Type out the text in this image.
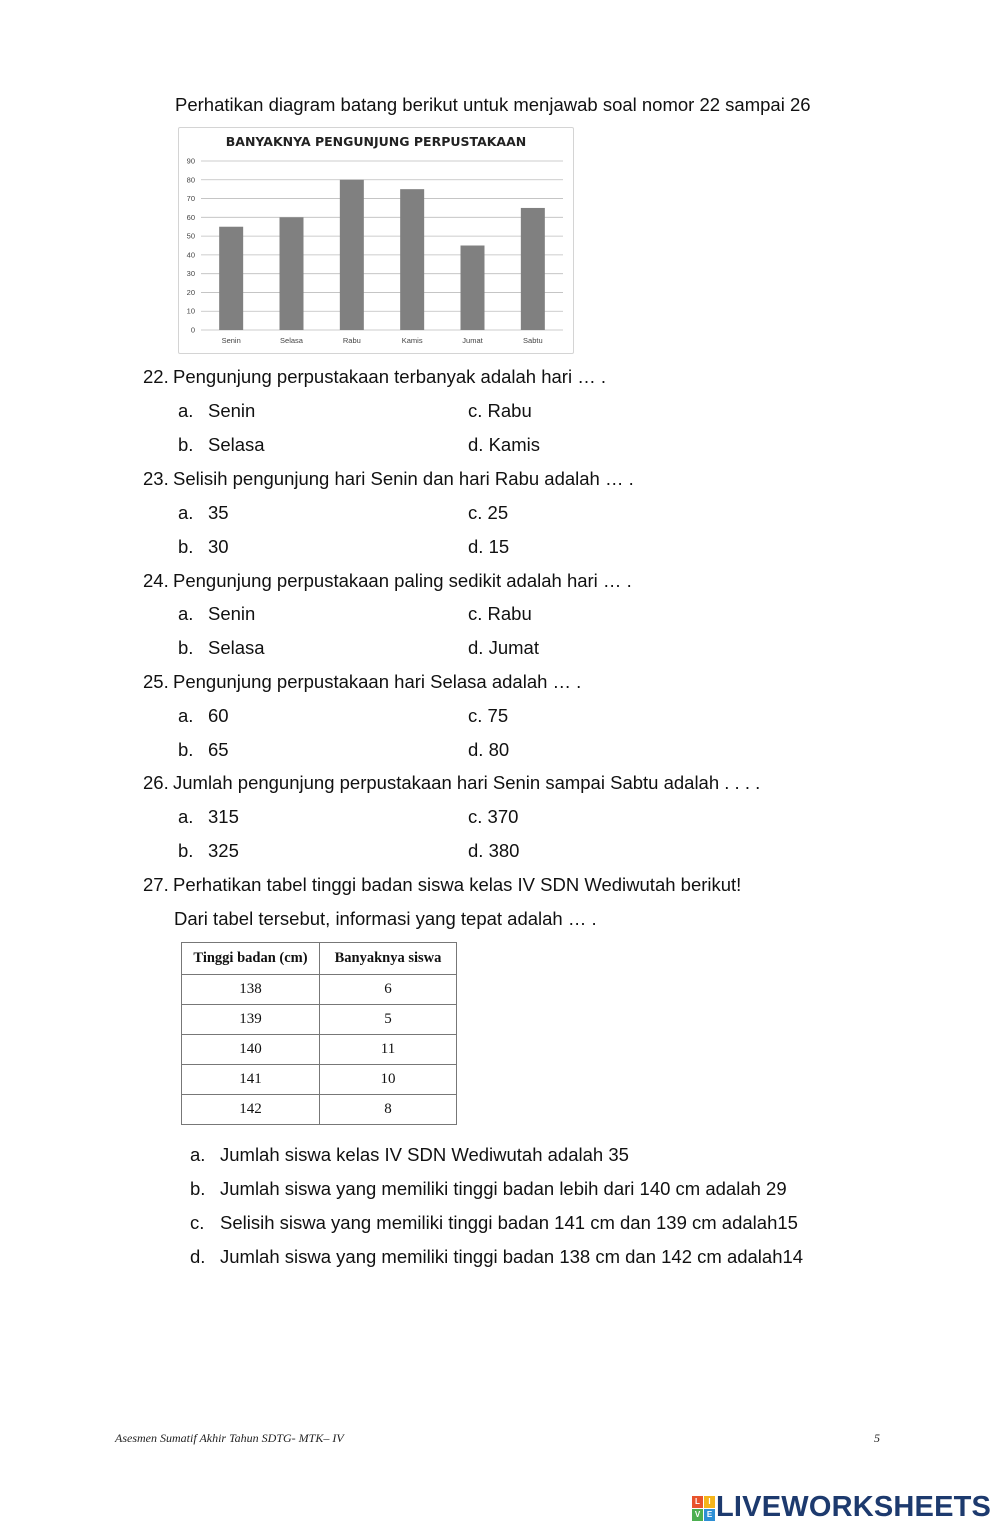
Perhatikan diagram batang berikut untuk menjawab soal nomor 22 sampai 26
BANYAKNYA PENGUNJUNG PERPUSTAKAAN
0
10
20
30
40
50
60
70
80
90
Senin	Selasa	Rabu	Kamis	Jumat	Sabtu
22. Pengunjung perpustakaan terbanyak adalah hari … .
a. Senin	c. Rabu
b. Selasa	d. Kamis
23. Selisih pengunjung hari Senin dan hari Rabu adalah … .
a. 35	c. 25
b. 30	d. 15
24. Pengunjung perpustakaan paling sedikit adalah hari … .
a. Senin	c. Rabu
b. Selasa	d. Jumat
25. Pengunjung perpustakaan hari Selasa adalah … .
a. 60	c. 75
b. 65	d. 80
26. Jumlah pengunjung perpustakaan hari Senin sampai Sabtu adalah . . . .
a. 315	c. 370
b. 325	d. 380
27. Perhatikan tabel tinggi badan siswa kelas IV SDN Wediwutah berikut!
Dari tabel tersebut, informasi yang tepat adalah … .
Tinggi badan (cm)	Banyaknya siswa
138	6
139	5
140	11
141	10
142	8
a. Jumlah siswa kelas IV SDN Wediwutah adalah 35
b. Jumlah siswa yang memiliki tinggi badan lebih dari 140 cm adalah 29
c. Selisih siswa yang memiliki tinggi badan 141 cm dan 139 cm adalah15
d. Jumlah siswa yang memiliki tinggi badan 138 cm dan 142 cm adalah14
Asesmen Sumatif Akhir Tahun SDTG- MTK– IV	5
L	I
V E LIVEWORKSHEETS
